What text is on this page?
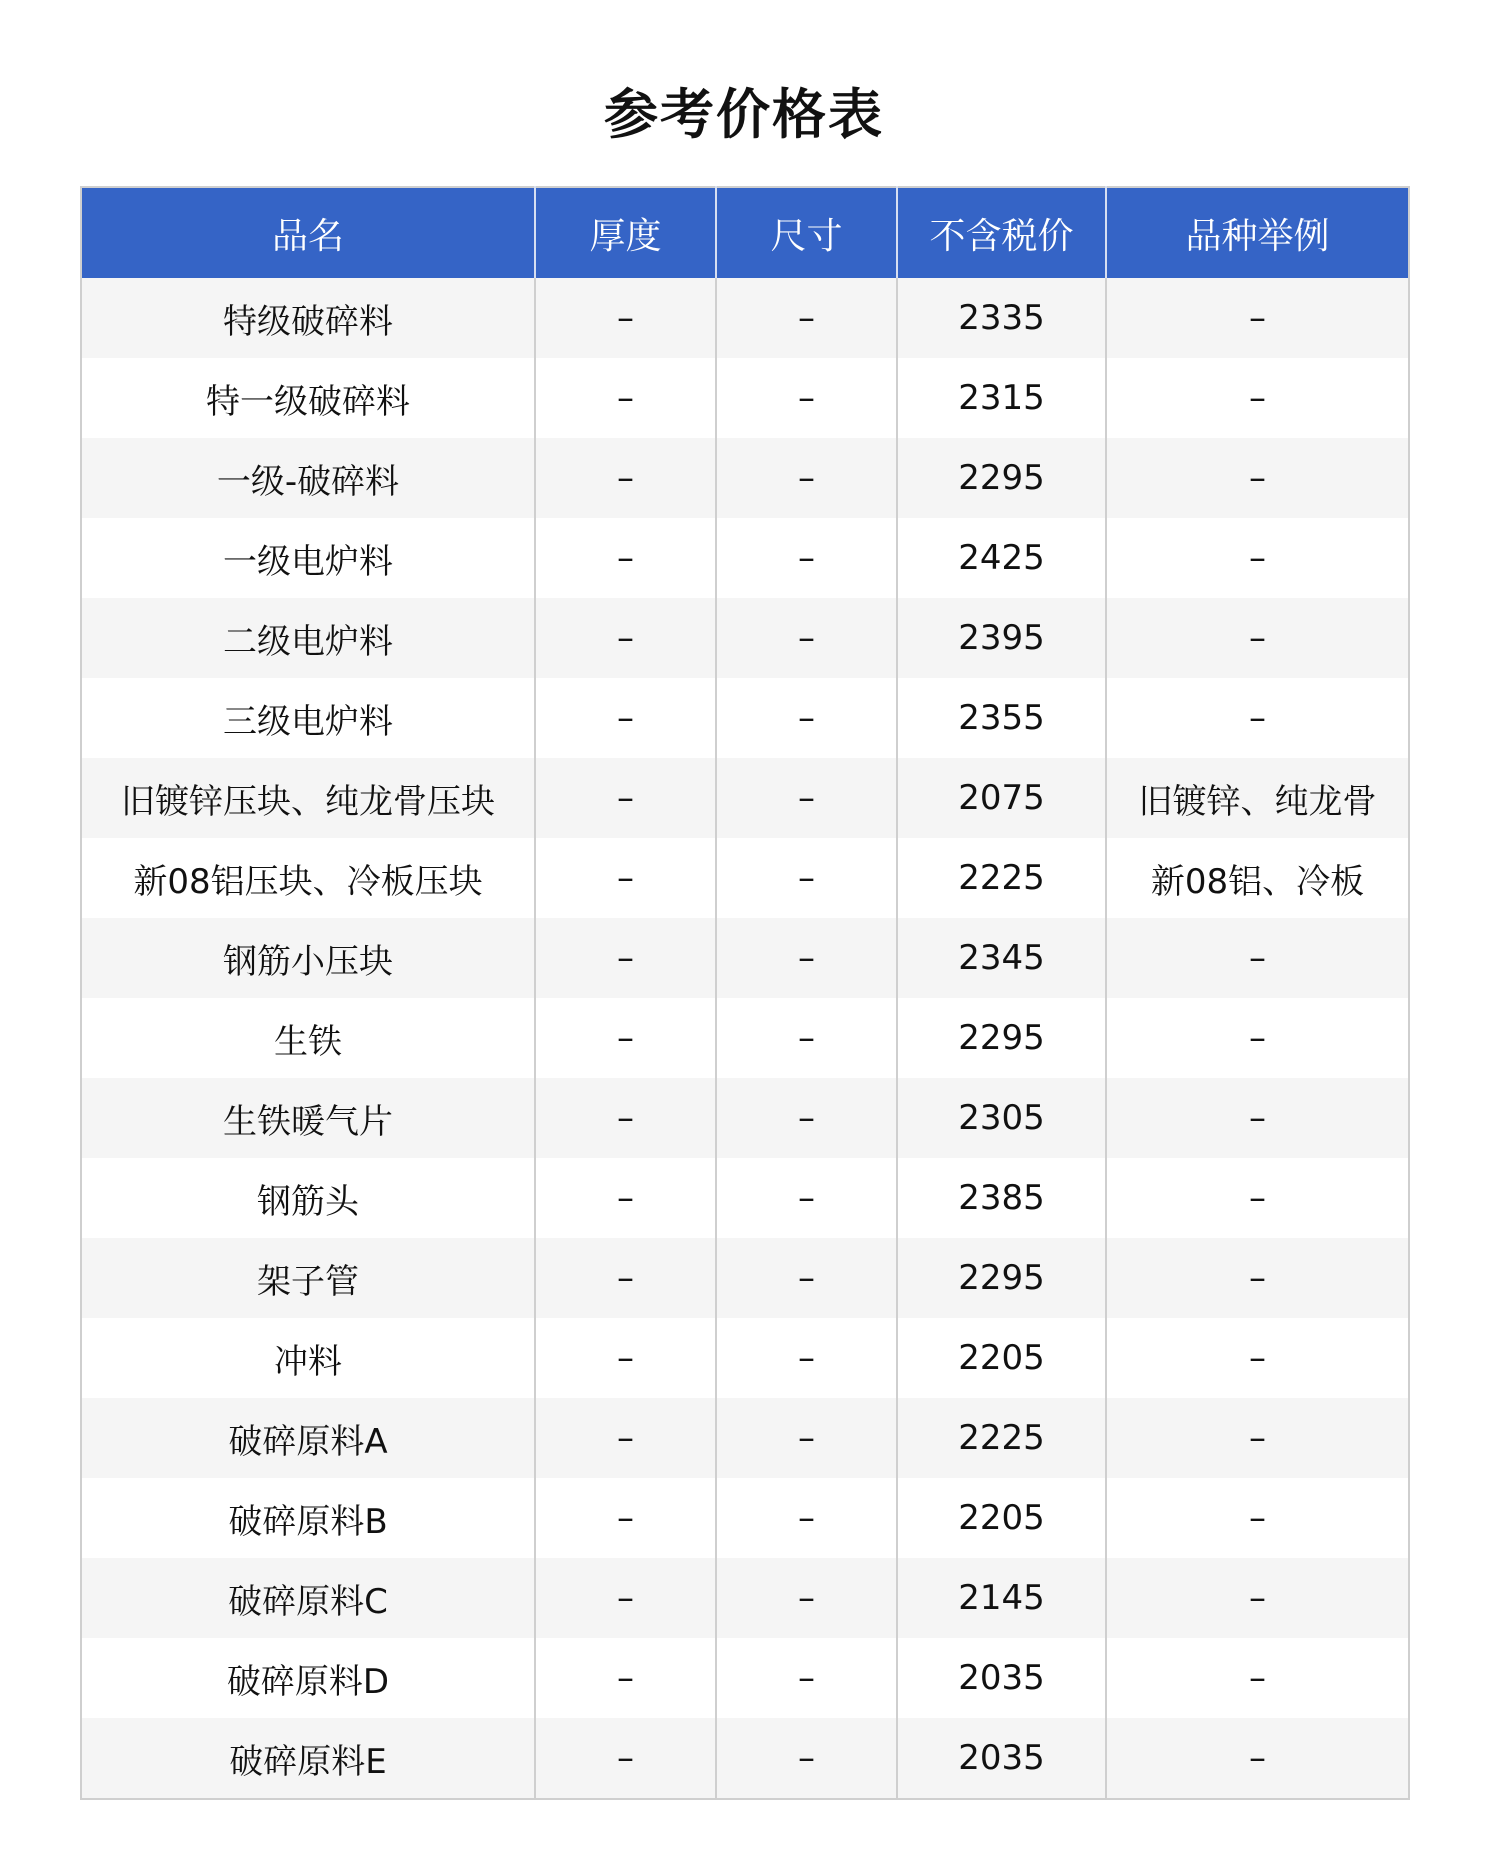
参考价格表
品名	厚度	尺寸	不含税价	品种举例
特级破碎料	–	–	2335	–
特一级破碎料	–	–	2315	–
一级-破碎料	–	–	2295	–
一级电炉料	–	–	2425	–
二级电炉料	–	–	2395	–
三级电炉料	–	–	2355	–
旧镀锌压块、纯龙骨压块	–	–	2075	旧镀锌、纯龙骨
新08铝压块、冷板压块	–	–	2225	新08铝、冷板
钢筋小压块	–	–	2345	–
生铁	–	–	2295	–
生铁暖气片	–	–	2305	–
钢筋头	–	–	2385	–
架子管	–	–	2295	–
冲料	–	–	2205	–
破碎原料A	–	–	2225	–
破碎原料B	–	–	2205	–
破碎原料C	–	–	2145	–
破碎原料D	–	–	2035	–
破碎原料E	–	–	2035	–
